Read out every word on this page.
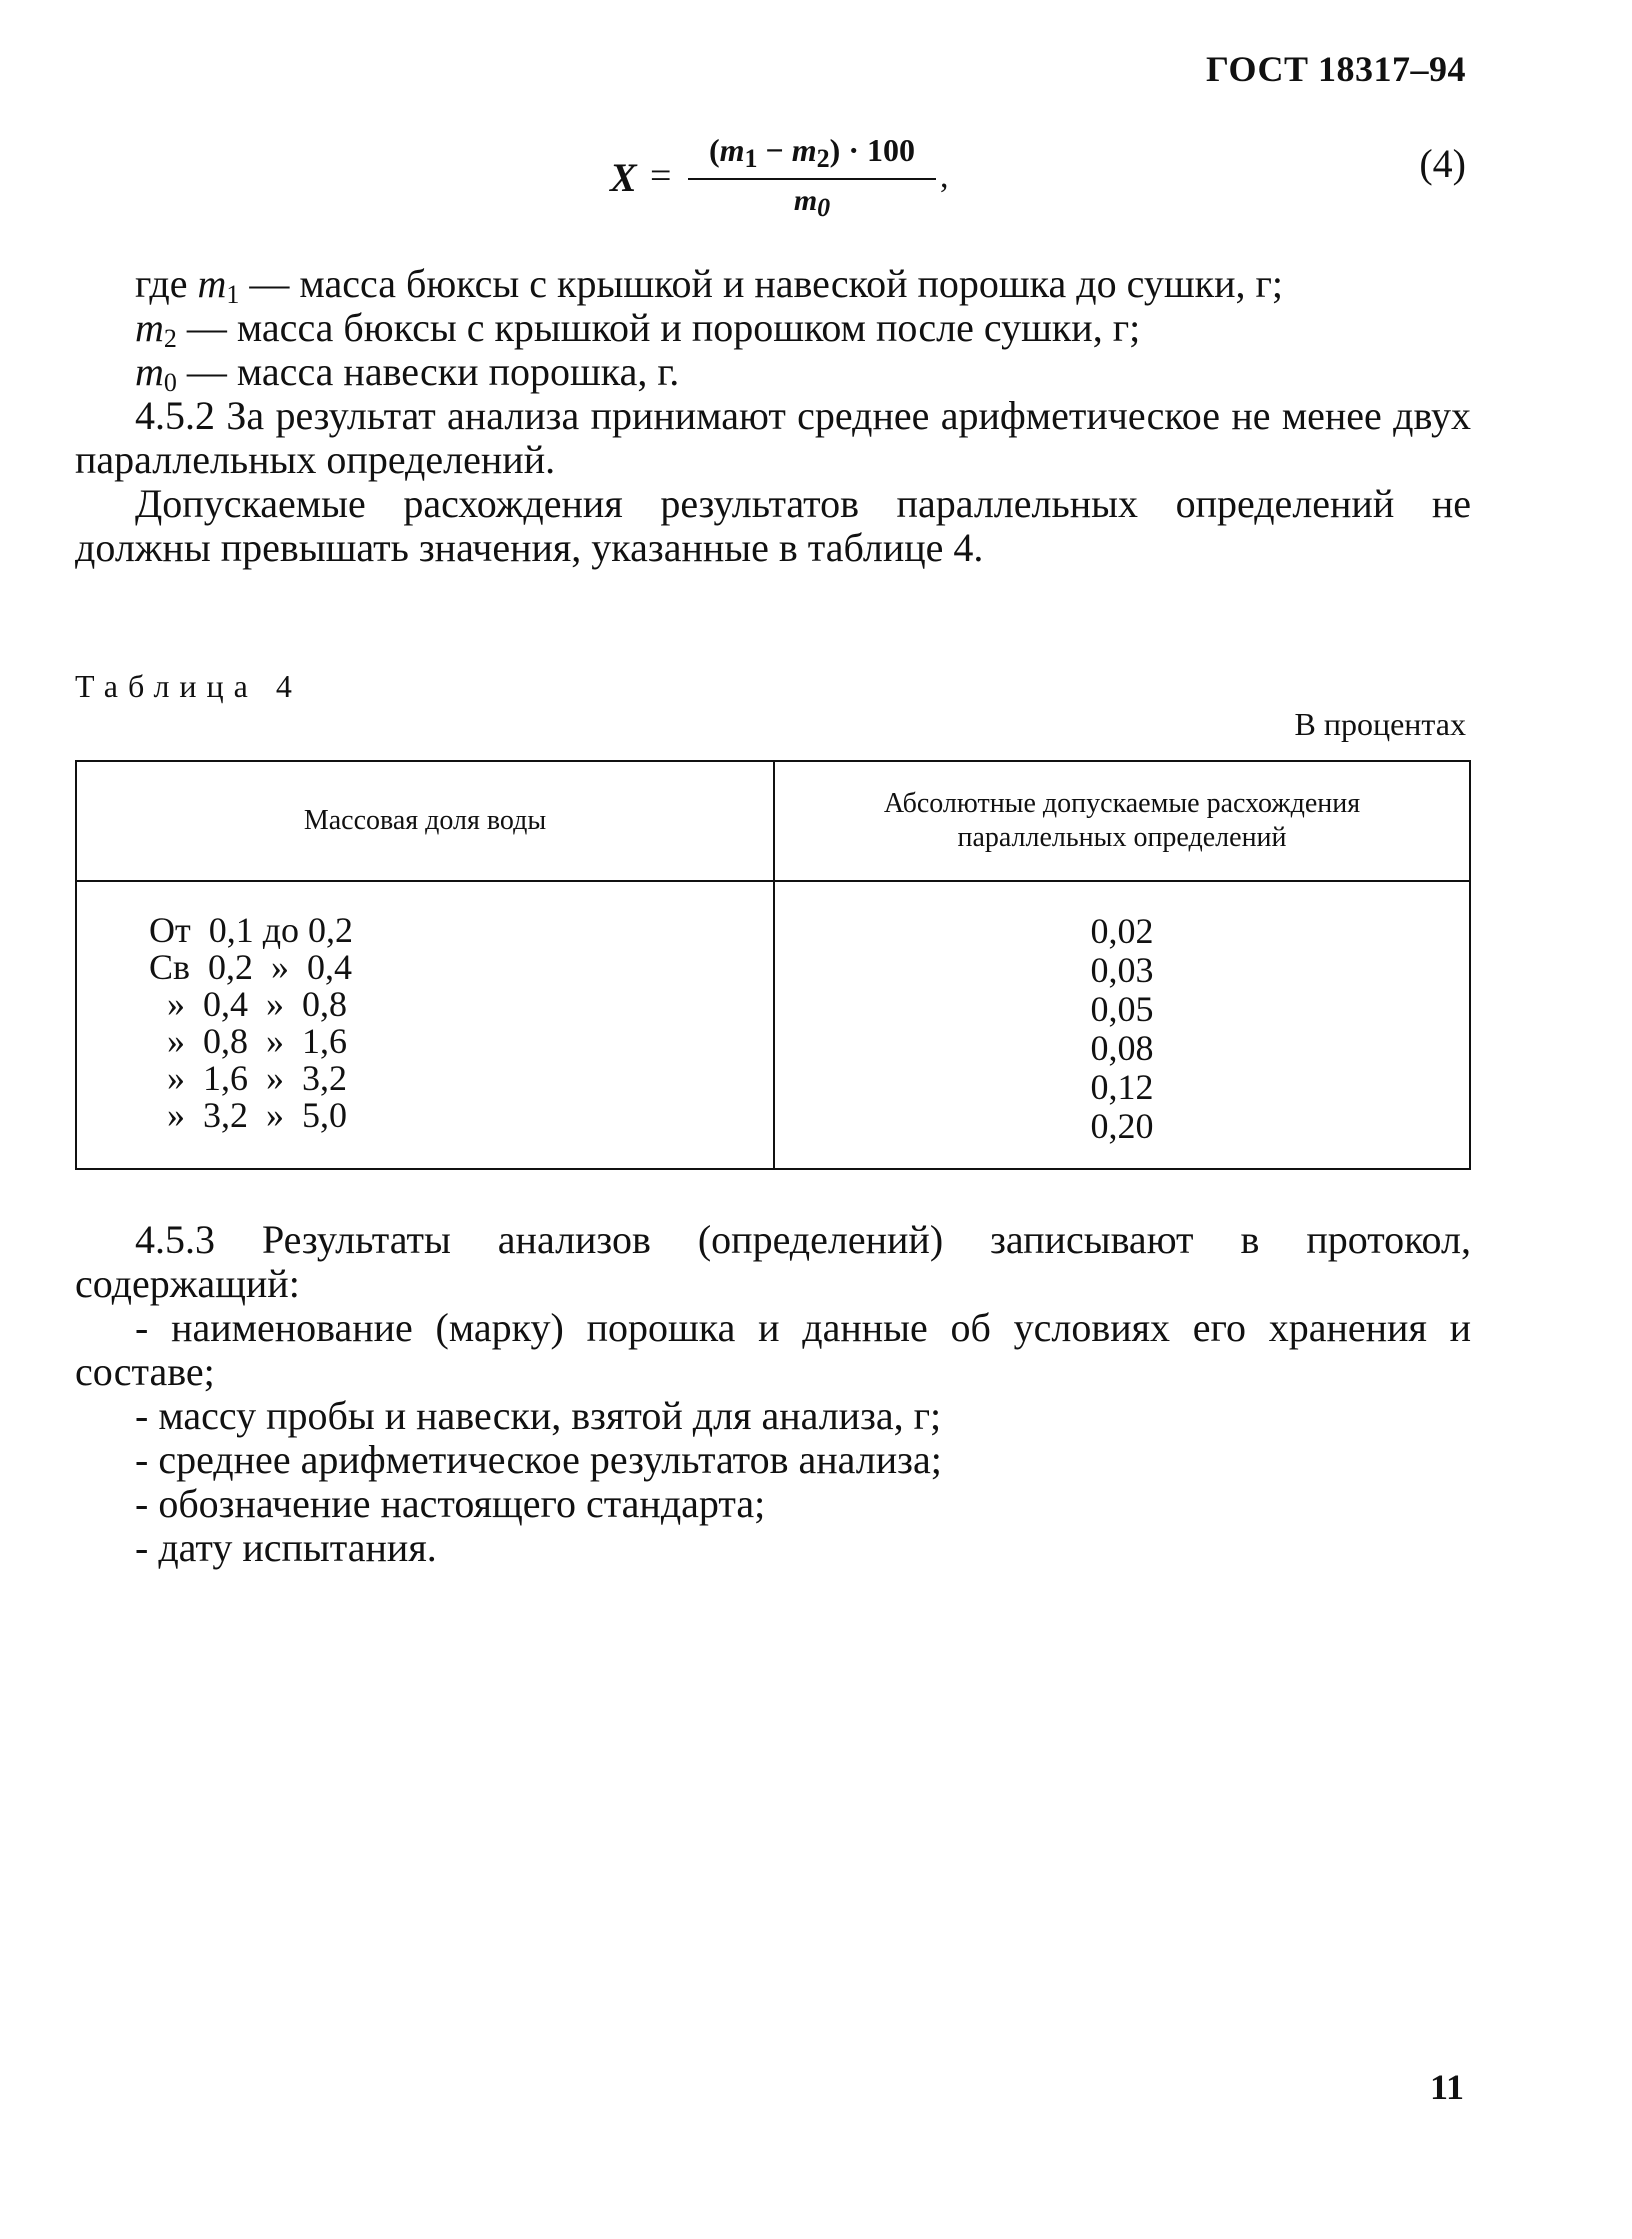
ГОСТ 18317–94
X =
$(m_1 - m_2) \cdot 100$
$m_0$
,	(4)

где $m_1$ — масса бюксы с крышкой и навеской порошка до сушки, г;

$m_2$ — масса бюксы с крышкой и порошком после сушки, г;

$m_0$ — масса навески порошка, г.

4.5.2 За результат анализа принимают среднее арифметическое не менее двух параллельных определений.

Допускаемые расхождения результатов параллельных определений не должны превышать значения, указанные в таблице 4.

Таблица 4
В процентах
Массовая доля воды
Абсолютные допускаемые расхождения
параллельных определений
От  0,1 до 0,2
Св  0,2  »  0,4
»  0,4  »  0,8
»  0,8  »  1,6
»  1,6  »  3,2
»  3,2  »  5,0
0,02
0,03
0,05
0,08
0,12
0,20

4.5.3 Результаты анализов (определений) записывают в протокол, содержащий:

- наименование (марку) порошка и данные об условиях его хранения и составе;

- массу пробы и навески, взятой для анализа, г;

- среднее арифметическое результатов анализа;

- обозначение настоящего стандарта;

- дату испытания.

11
